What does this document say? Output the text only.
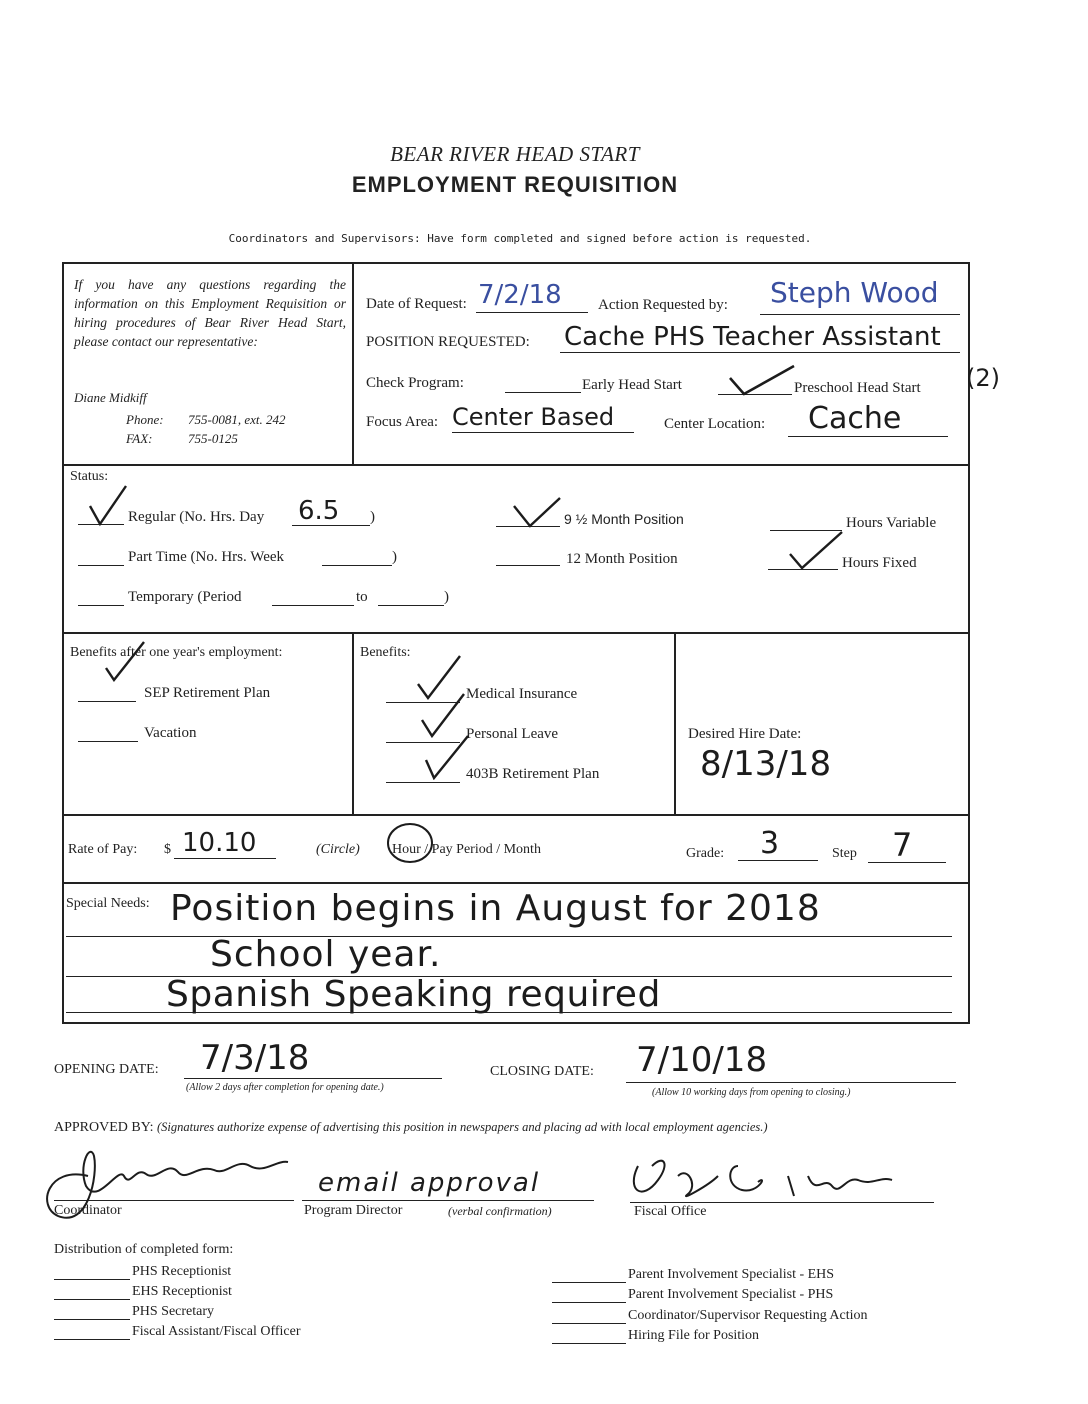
BEAR RIVER HEAD START
EMPLOYMENT REQUISITION
Coordinators and Supervisors: Have form completed and signed before action is requested.
If you have any questions regarding the information on this Employment Requisition or hiring procedures of Bear River Head Start, please contact our representative:
Diane Midkiff
Phone: 755-0081, ext. 242
FAX:	755-0125
Date of Request: 7/2/18 Action Requested by: Steph Wood
POSITION REQUESTED: Cache PHS Teacher Assistant
(2)
Check Program:	Early Head Start	Preschool Head Start
Focus Area: Center Based	Center Location: Cache
Status:
Regular (No. Hrs. Day 6.5 )
Part Time (No. Hrs. Week	)
Temporary (Period	to	)
9 ½ Month Position
12 Month Position
Hours Variable
Hours Fixed
Benefits after one year's employment:
SEP Retirement Plan
Vacation
Benefits:
Medical Insurance
Personal Leave
403B Retirement Plan
Desired Hire Date:
8/13/18
Rate of Pay: $ 10.10	(Circle) Hour / Pay Period / Month	Grade: 3	Step 7
Special Needs: Position begins in August for 2018
School year.
Spanish Speaking required
OPENING DATE: 7/3/18
(Allow 2 days after completion for opening date.)
CLOSING DATE: 7/10/18
(Allow 10 working days from opening to closing.)
APPROVED BY: (Signatures authorize expense of advertising this position in newspapers and placing ad with local employment agencies.)
Coordinator
email approval
Program Director	(verbal confirmation)	Fiscal Office
Distribution of completed form:
PHS Receptionist
EHS Receptionist
PHS Secretary
Fiscal Assistant/Fiscal Officer
Parent Involvement Specialist - EHS
Parent Involvement Specialist - PHS
Coordinator/Supervisor Requesting Action
Hiring File for Position
